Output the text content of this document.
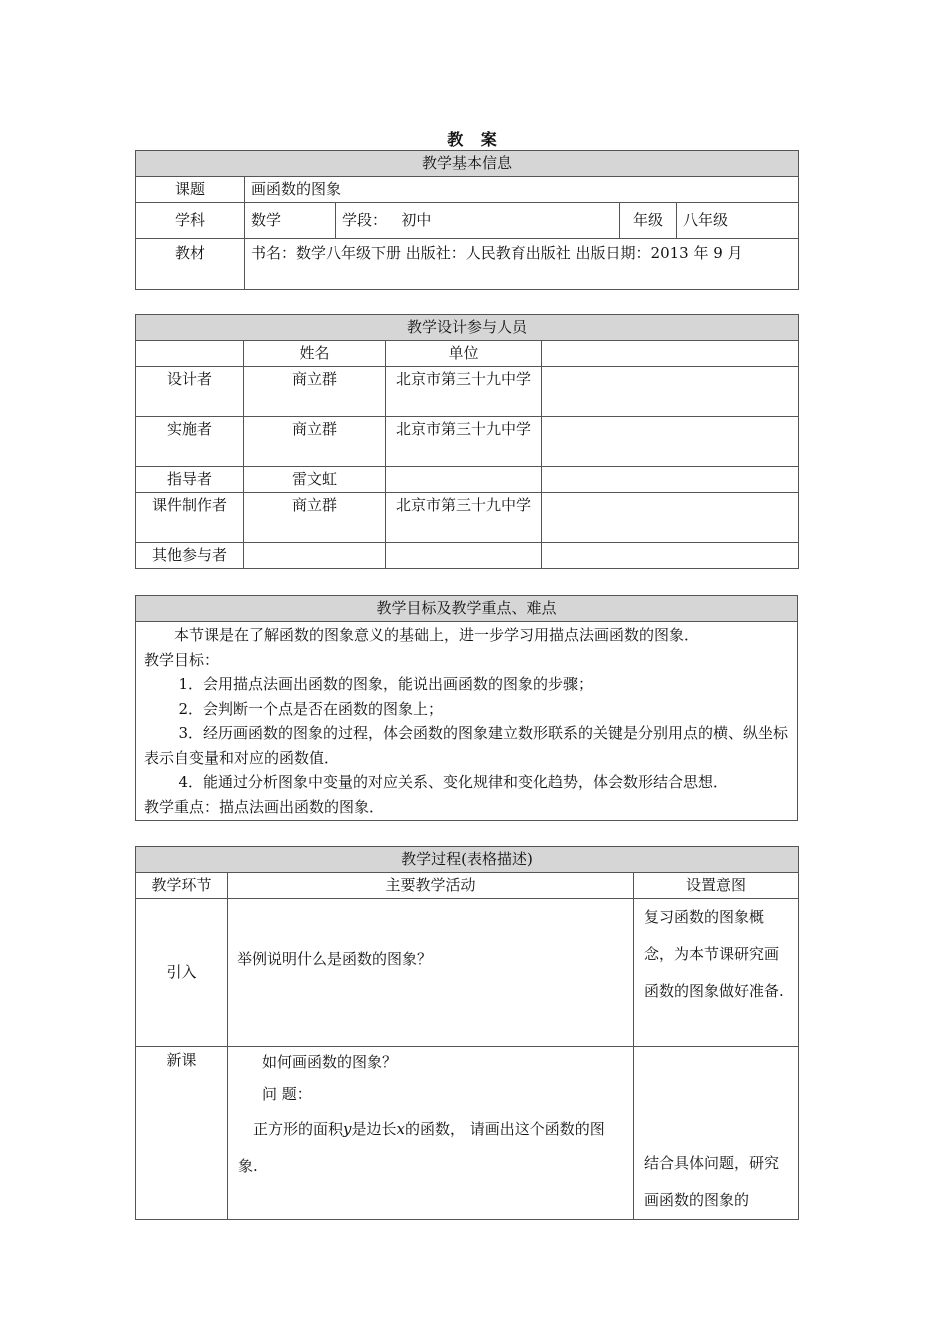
教 案
教学基本信息				
课题	画函数的图象			
学科	数学	学段： 初中	年级	八年级
教材	书名：数学八年级下册 出版社：人民教育出版社 出版日期：2013 年 9 月			
教学设计参与人员			
	姓名	单位	
设计者	商立群	北京市第三十九中学	
实施者	商立群	北京市第三十九中学	
指导者	雷文虹		
课件制作者	商立群	北京市第三十九中学	
其他参与者			
教学目标及教学重点、难点

本节课是在了解函数的图象意义的基础上，进一步学习用描点法画函数的图象．
教学目标：
1．会用描点法画出函数的图象，能说出画函数的图象的步骤；
2．会判断一个点是否在函数的图象上；
3．经历画函数的图象的过程，体会函数的图象建立数形联系的关键是分别用点的横、纵坐标表示自变量和对应的函数值．
4．能通过分析图象中变量的对应关系、变化规律和变化趋势，体会数形结合思想．
教学重点：描点法画出函数的图象．
教学过程(表格描述)		
教学环节	主要教学活动	设置意图
引入	举例说明什么是函数的图象？	复习函数的图象概念，为本节课研究画函数的图象做好准备.
新课	如何画函数的图象？
问 题：
正方形的面积y是边长x的函数， 请画出这个函数的图象.	结合具体问题，研究画函数的图象的
